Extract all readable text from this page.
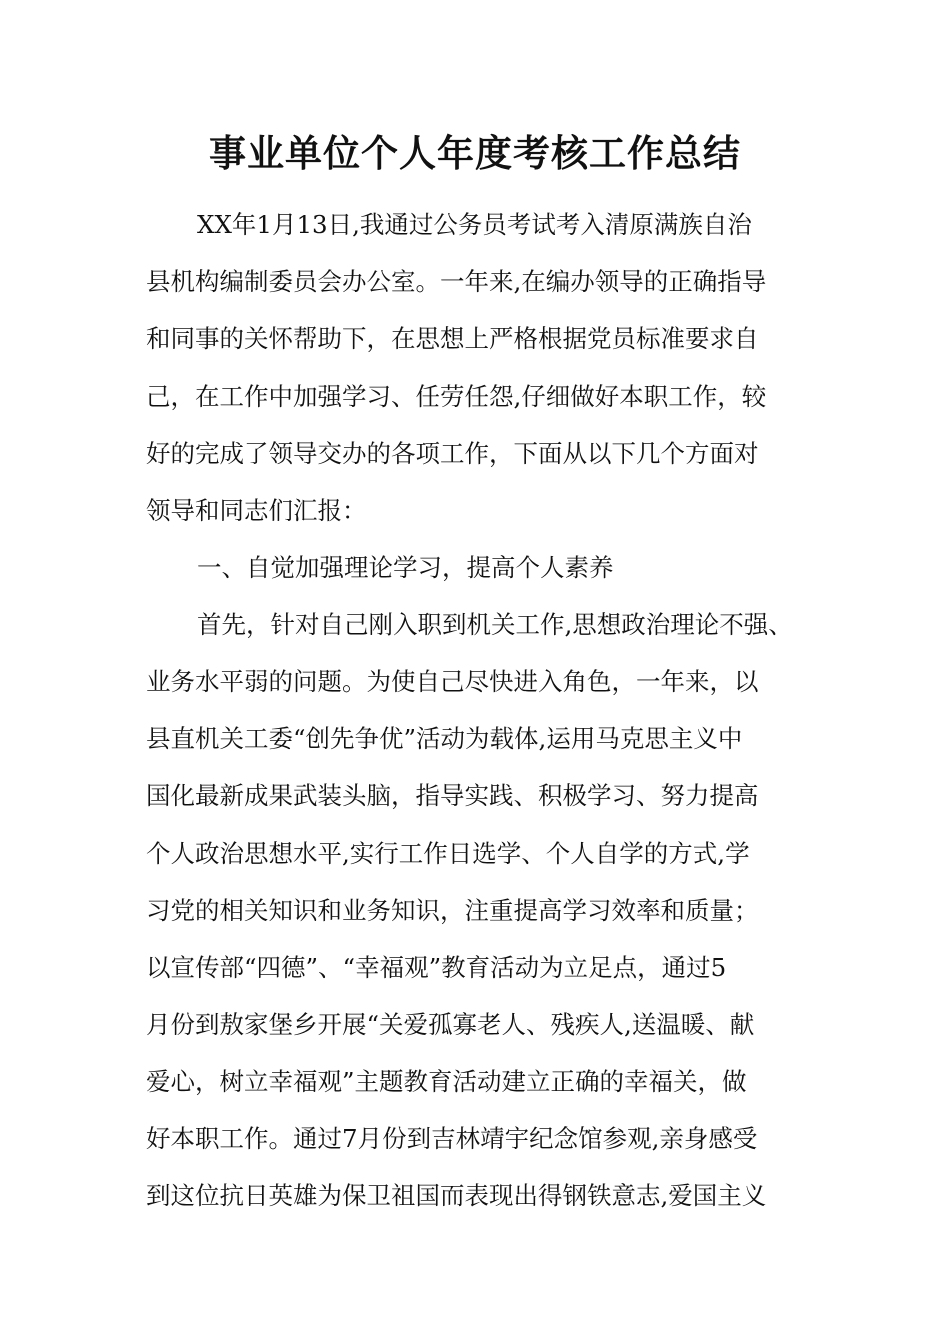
事业单位个人年度考核工作总结

XX年1月13日,我通过公务员考试考入清原满族自治

县机构编制委员会办公室。一年来,在编办领导的正确指导

和同事的关怀帮助下，在思想上严格根据党员标准要求自

己，在工作中加强学习、任劳任怨,仔细做好本职工作，较

好的完成了领导交办的各项工作，下面从以下几个方面对

领导和同志们汇报：

一、自觉加强理论学习，提高个人素养

首先，针对自己刚入职到机关工作,思想政治理论不强、

业务水平弱的问题。为使自己尽快进入角色，一年来，以

县直机关工委“创先争优”活动为载体,运用马克思主义中

国化最新成果武装头脑，指导实践、积极学习、努力提高

个人政治思想水平,实行工作日选学、个人自学的方式,学

习党的相关知识和业务知识，注重提高学习效率和质量；

以宣传部“四德”、“幸福观”教育活动为立足点，通过5

月份到敖家堡乡开展“关爱孤寡老人、残疾人,送温暖、献

爱心，树立幸福观”主题教育活动建立正确的幸福关，做

好本职工作。通过7月份到吉林靖宇纪念馆参观,亲身感受

到这位抗日英雄为保卫祖国而表现出得钢铁意志,爱国主义
